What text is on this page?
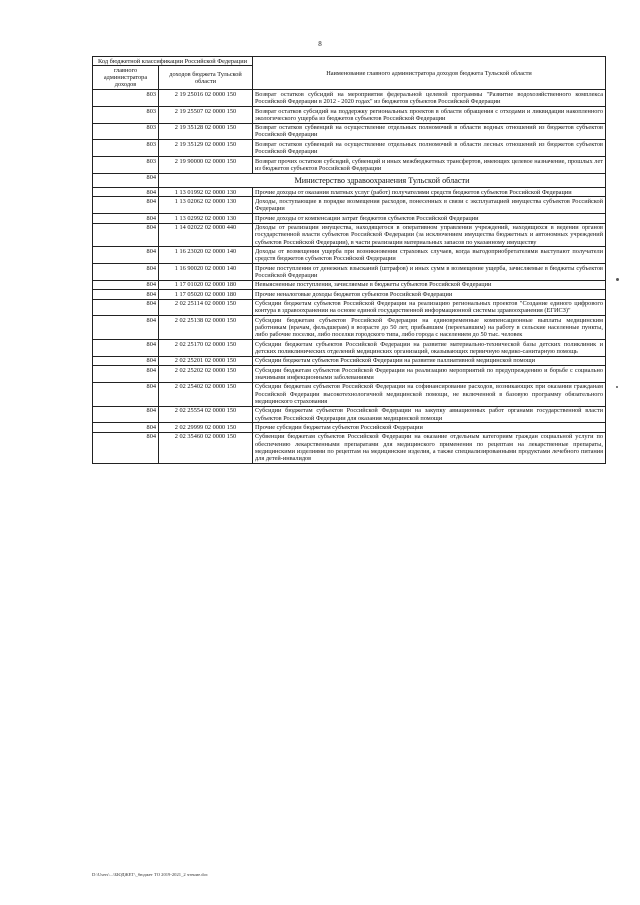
8
Код бюджетной классификации Российской Федерации		Наименование главного администратора доходов бюджета Тульской области
главного администратора доходов	доходов бюджета Тульской области	
803	2 19 25016 02 0000 150	Возврат остатков субсидий на мероприятия федеральной целевой программы "Развитие водохозяйственного комплекса Российской Федерации в 2012 - 2020 годах" из бюджетов субъектов Российской Федерации
803	2 19 25507 02 0000 150	Возврат остатков субсидий на поддержку региональных проектов в области обращения с отходами и ликвидации накопленного экологического ущерба из бюджетов субъектов Российской Федерации
803	2 19 35128 02 0000 150	Возврат остатков субвенций на осуществление отдельных полномочий в области водных отношений из бюджетов субъектов Российской Федерации
803	2 19 35129 02 0000 150	Возврат остатков субвенций на осуществление отдельных полномочий в области лесных отношений из бюджетов субъектов Российской Федерации
803	2 19 90000 02 0000 150	Возврат прочих остатков субсидий, субвенций и иных межбюджетных трансфертов, имеющих целевое назначение, прошлых лет из бюджетов субъектов Российской Федерации
804	Министерство здравоохранения Тульской области	
804	1 13 01992 02 0000 130	Прочие доходы от оказания платных услуг (работ) получателями средств бюджетов субъектов Российской Федерации
804	1 13 02062 02 0000 130	Доходы, поступающие в порядке возмещения расходов, понесенных в связи с эксплуатацией имущества субъектов Российской Федерации
804	1 13 02992 02 0000 130	Прочие доходы от компенсации затрат бюджетов субъектов Российской Федерации
804	1 14 02022 02 0000 440	Доходы от реализации имущества, находящегося в оперативном управлении учреждений, находящихся в ведении органов государственной власти субъектов Российской Федерации (за исключением имущества бюджетных и автономных учреждений субъектов Российской Федерации), в части реализации материальных запасов по указанному имуществу
804	1 16 23020 02 0000 140	Доходы от возмещения ущерба при возникновении страховых случаев, когда выгодоприобретателями выступают получатели средств бюджетов субъектов Российской Федерации
804	1 16 90020 02 0000 140	Прочие поступления от денежных взысканий (штрафов) и иных сумм в возмещение ущерба, зачисляемые в бюджеты субъектов Российской Федерации
804	1 17 01020 02 0000 180	Невыясненные поступления, зачисляемые в бюджеты субъектов Российской Федерации
804	1 17 05020 02 0000 180	Прочие неналоговые доходы бюджетов субъектов Российской Федерации
804	2 02 25114 02 0000 150	Субсидии бюджетам субъектов Российской Федерации на реализацию региональных проектов "Создание единого цифрового контура в здравоохранении на основе единой государственной информационной системы здравоохранения (ЕГИСЗ)"
804	2 02 25138 02 0000 150	Субсидии бюджетам субъектов Российской Федерации на единовременные компенсационные выплаты медицинским работникам (врачам, фельдшерам) в возрасте до 50 лет, прибывшим (переехавшим) на работу в сельские населенные пункты, либо рабочие поселки, либо поселки городского типа, либо города с населением до 50 тыс. человек
804	2 02 25170 02 0000 150	Субсидии бюджетам субъектов Российской Федерации на развитие материально-технической базы детских поликлиник и детских поликлинических отделений медицинских организаций, оказывающих первичную медико-санитарную помощь
804	2 02 25201 02 0000 150	Субсидии бюджетам субъектов Российской Федерации на развитие паллиативной медицинской помощи
804	2 02 25202 02 0000 150	Субсидии бюджетам субъектов Российской Федерации на реализацию мероприятий по предупреждению и борьбе с социально значимыми инфекционными заболеваниями
804	2 02 25402 02 0000 150	Субсидии бюджетам субъектов Российской Федерации на софинансирование расходов, возникающих при оказании гражданам Российской Федерации высокотехнологичной медицинской помощи, не включенной в базовую программу обязательного медицинского страхования
804	2 02 25554 02 0000 150	Субсидии бюджетам субъектов Российской Федерации на закупку авиационных работ органами государственной власти субъектов Российской Федерации для оказания медицинской помощи
804	2 02 29999 02 0000 150	Прочие субсидии бюджетам субъектов Российской Федерации
804	2 02 35460 02 0000 150	Субвенции бюджетам субъектов Российской Федерации на оказание отдельным категориям граждан социальной услуги по обеспечению лекарственными препаратами для медицинского применения по рецептам на лекарственные препараты, медицинскими изделиями по рецептам на медицинские изделия, а также специализированными продуктами лечебного питания для детей-инвалидов
D:\Users\...\БЮДЖЕТ\_бюджет ТО 2019-2021_2 чтение.doc
